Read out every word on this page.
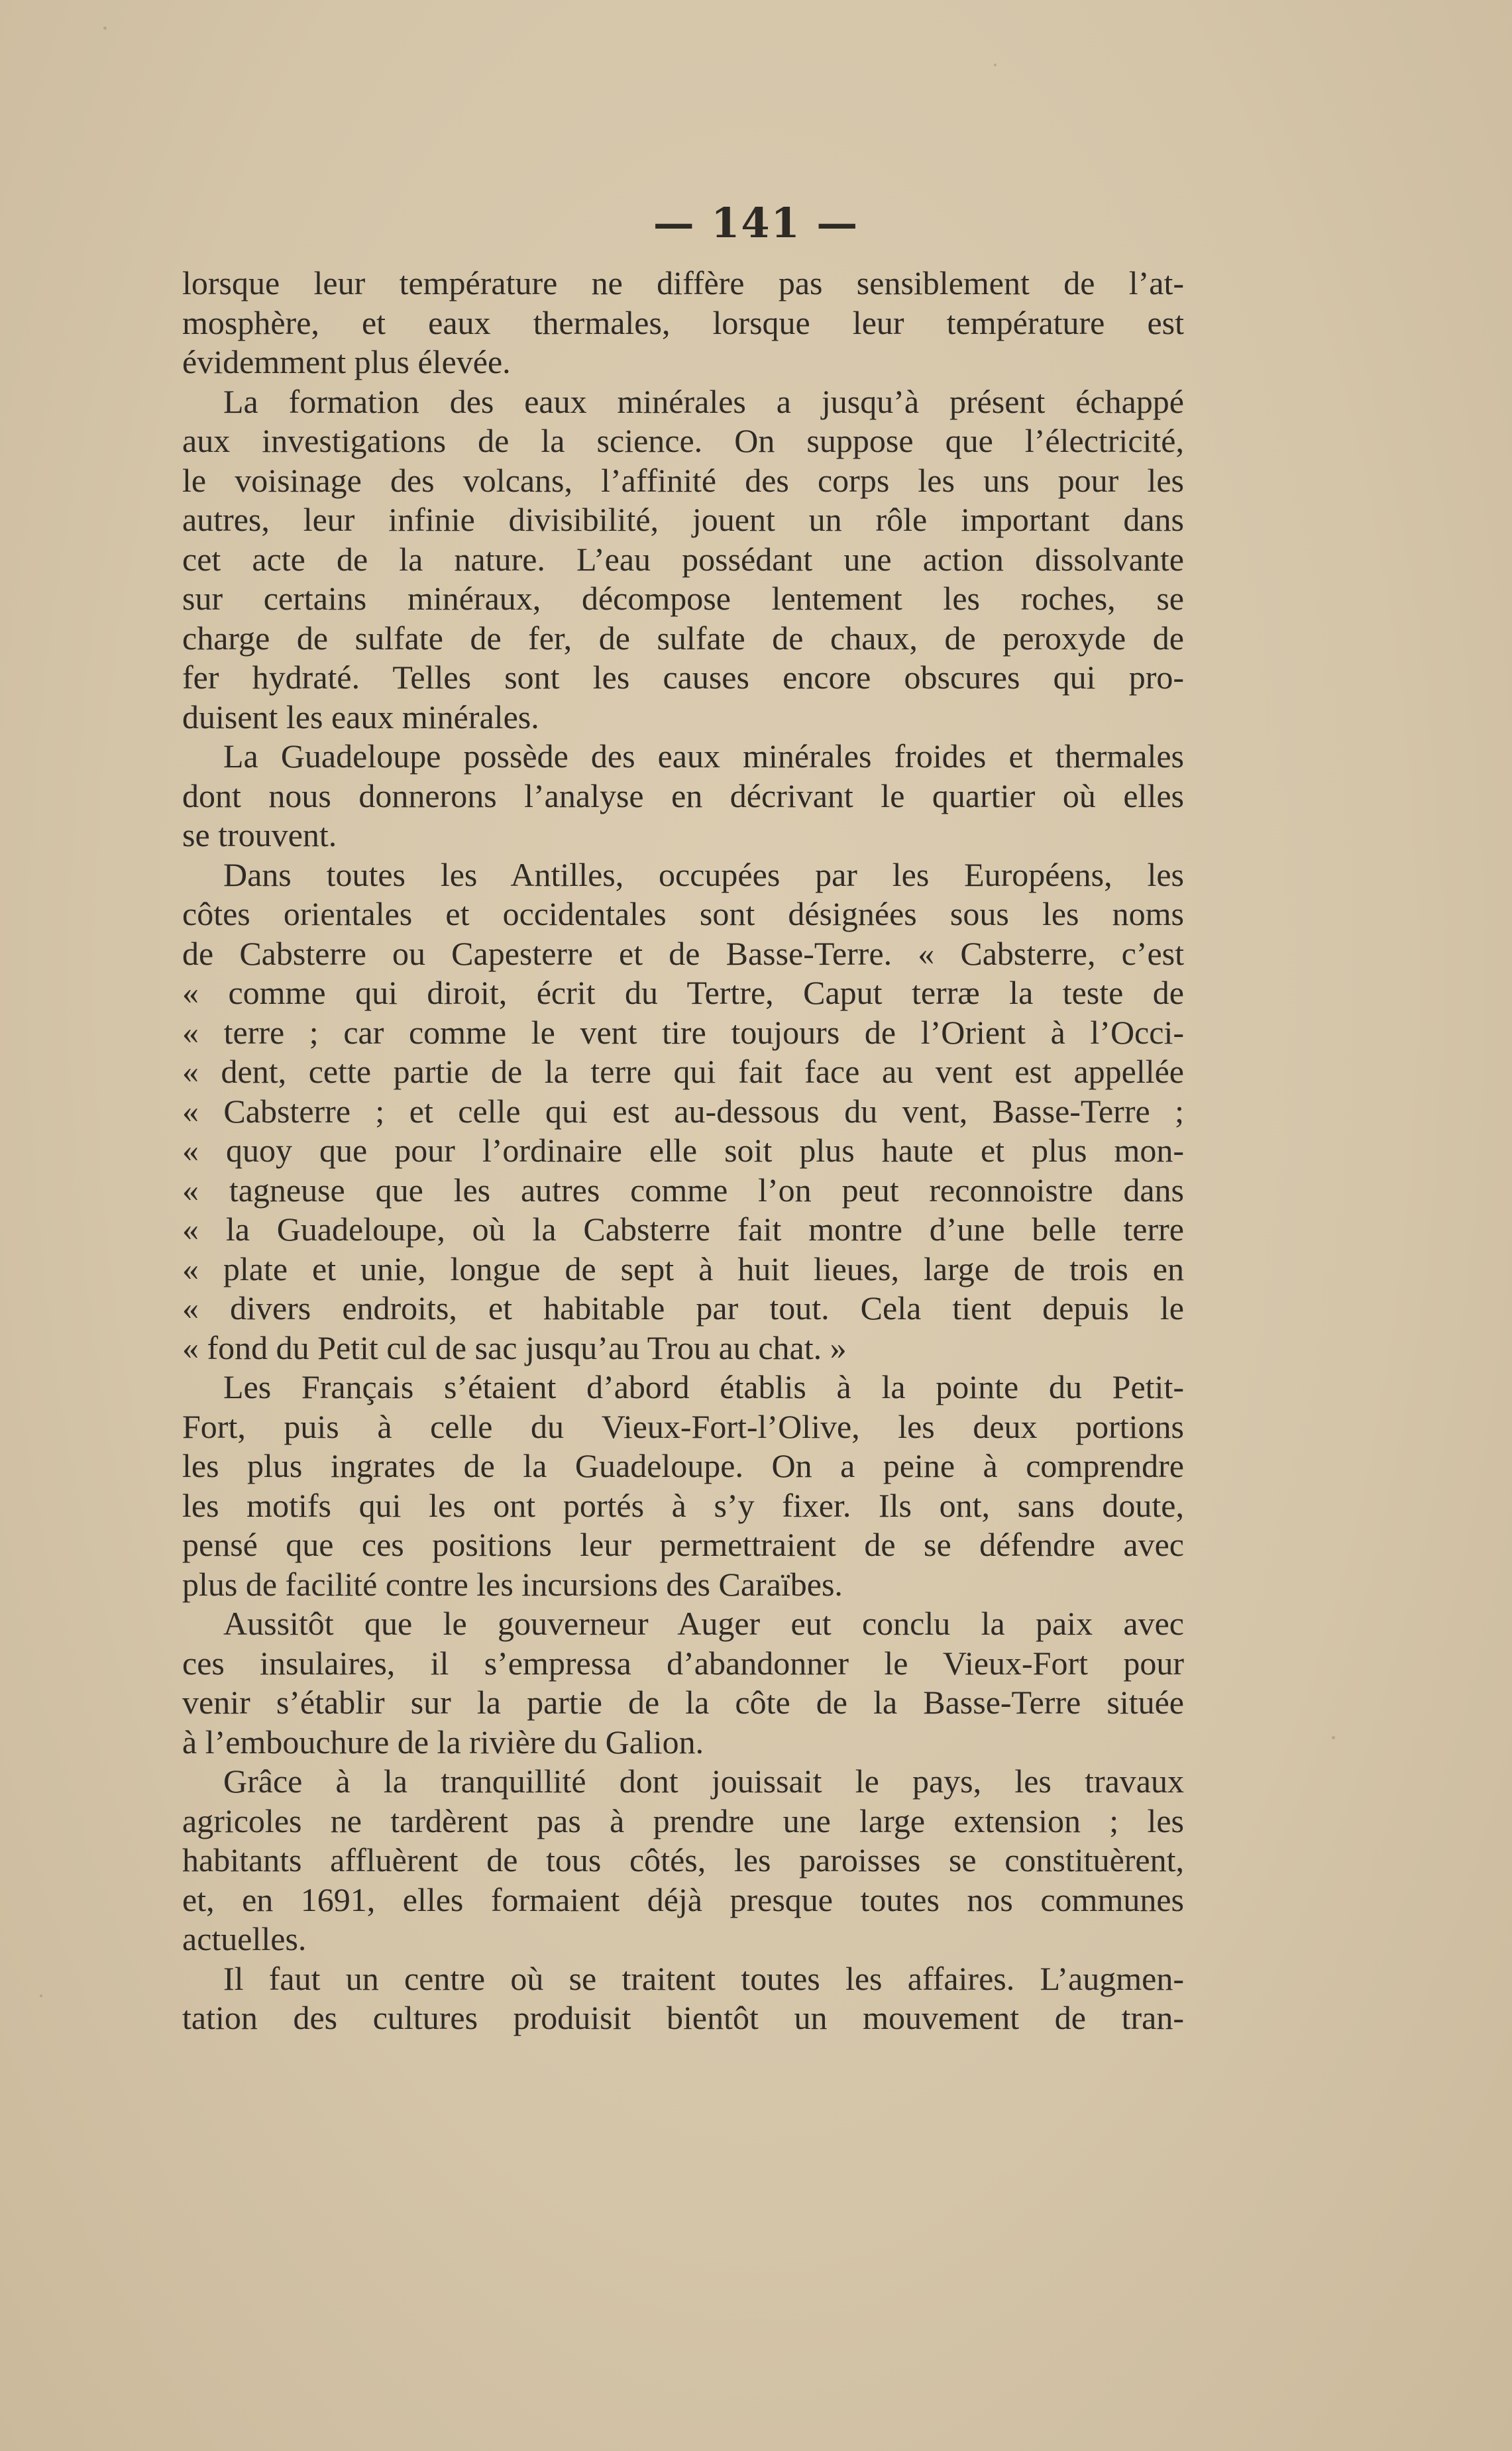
— 141 —
lorsque leur température ne diffère pas sensiblement de l’at-
mosphère, et eaux thermales, lorsque leur température est
évidemment plus élevée.
La formation des eaux minérales a jusqu’à présent échappé
aux investigations de la science. On suppose que l’électricité,
le voisinage des volcans, l’affinité des corps les uns pour les
autres, leur infinie divisibilité, jouent un rôle important dans
cet acte de la nature. L’eau possédant une action dissolvante
sur certains minéraux, décompose lentement les roches, se
charge de sulfate de fer, de sulfate de chaux, de peroxyde de
fer hydraté. Telles sont les causes encore obscures qui pro-
duisent les eaux minérales.
La Guadeloupe possède des eaux minérales froides et thermales
dont nous donnerons l’analyse en décrivant le quartier où elles
se trouvent.
Dans toutes les Antilles, occupées par les Européens, les
côtes orientales et occidentales sont désignées sous les noms
de Cabsterre ou Capesterre et de Basse-Terre. « Cabsterre, c’est
« comme qui diroit, écrit du Tertre, Caput terræ la teste de
« terre ; car comme le vent tire toujours de l’Orient à l’Occi-
« dent, cette partie de la terre qui fait face au vent est appellée
« Cabsterre ; et celle qui est au-dessous du vent, Basse-Terre ;
« quoy que pour l’ordinaire elle soit plus haute et plus mon-
« tagneuse que les autres comme l’on peut reconnoistre dans
« la Guadeloupe, où la Cabsterre fait montre d’une belle terre
« plate et unie, longue de sept à huit lieues, large de trois en
« divers endroits, et habitable par tout. Cela tient depuis le
« fond du Petit cul de sac jusqu’au Trou au chat. »
Les Français s’étaient d’abord établis à la pointe du Petit-
Fort, puis à celle du Vieux-Fort-l’Olive, les deux portions
les plus ingrates de la Guadeloupe. On a peine à comprendre
les motifs qui les ont portés à s’y fixer. Ils ont, sans doute,
pensé que ces positions leur permettraient de se défendre avec
plus de facilité contre les incursions des Caraïbes.
Aussitôt que le gouverneur Auger eut conclu la paix avec
ces insulaires, il s’empressa d’abandonner le Vieux-Fort pour
venir s’établir sur la partie de la côte de la Basse-Terre située
à l’embouchure de la rivière du Galion.
Grâce à la tranquillité dont jouissait le pays, les travaux
agricoles ne tardèrent pas à prendre une large extension ; les
habitants affluèrent de tous côtés, les paroisses se constituèrent,
et, en 1691, elles formaient déjà presque toutes nos communes
actuelles.
Il faut un centre où se traitent toutes les affaires. L’augmen-
tation des cultures produisit bientôt un mouvement de tran-
